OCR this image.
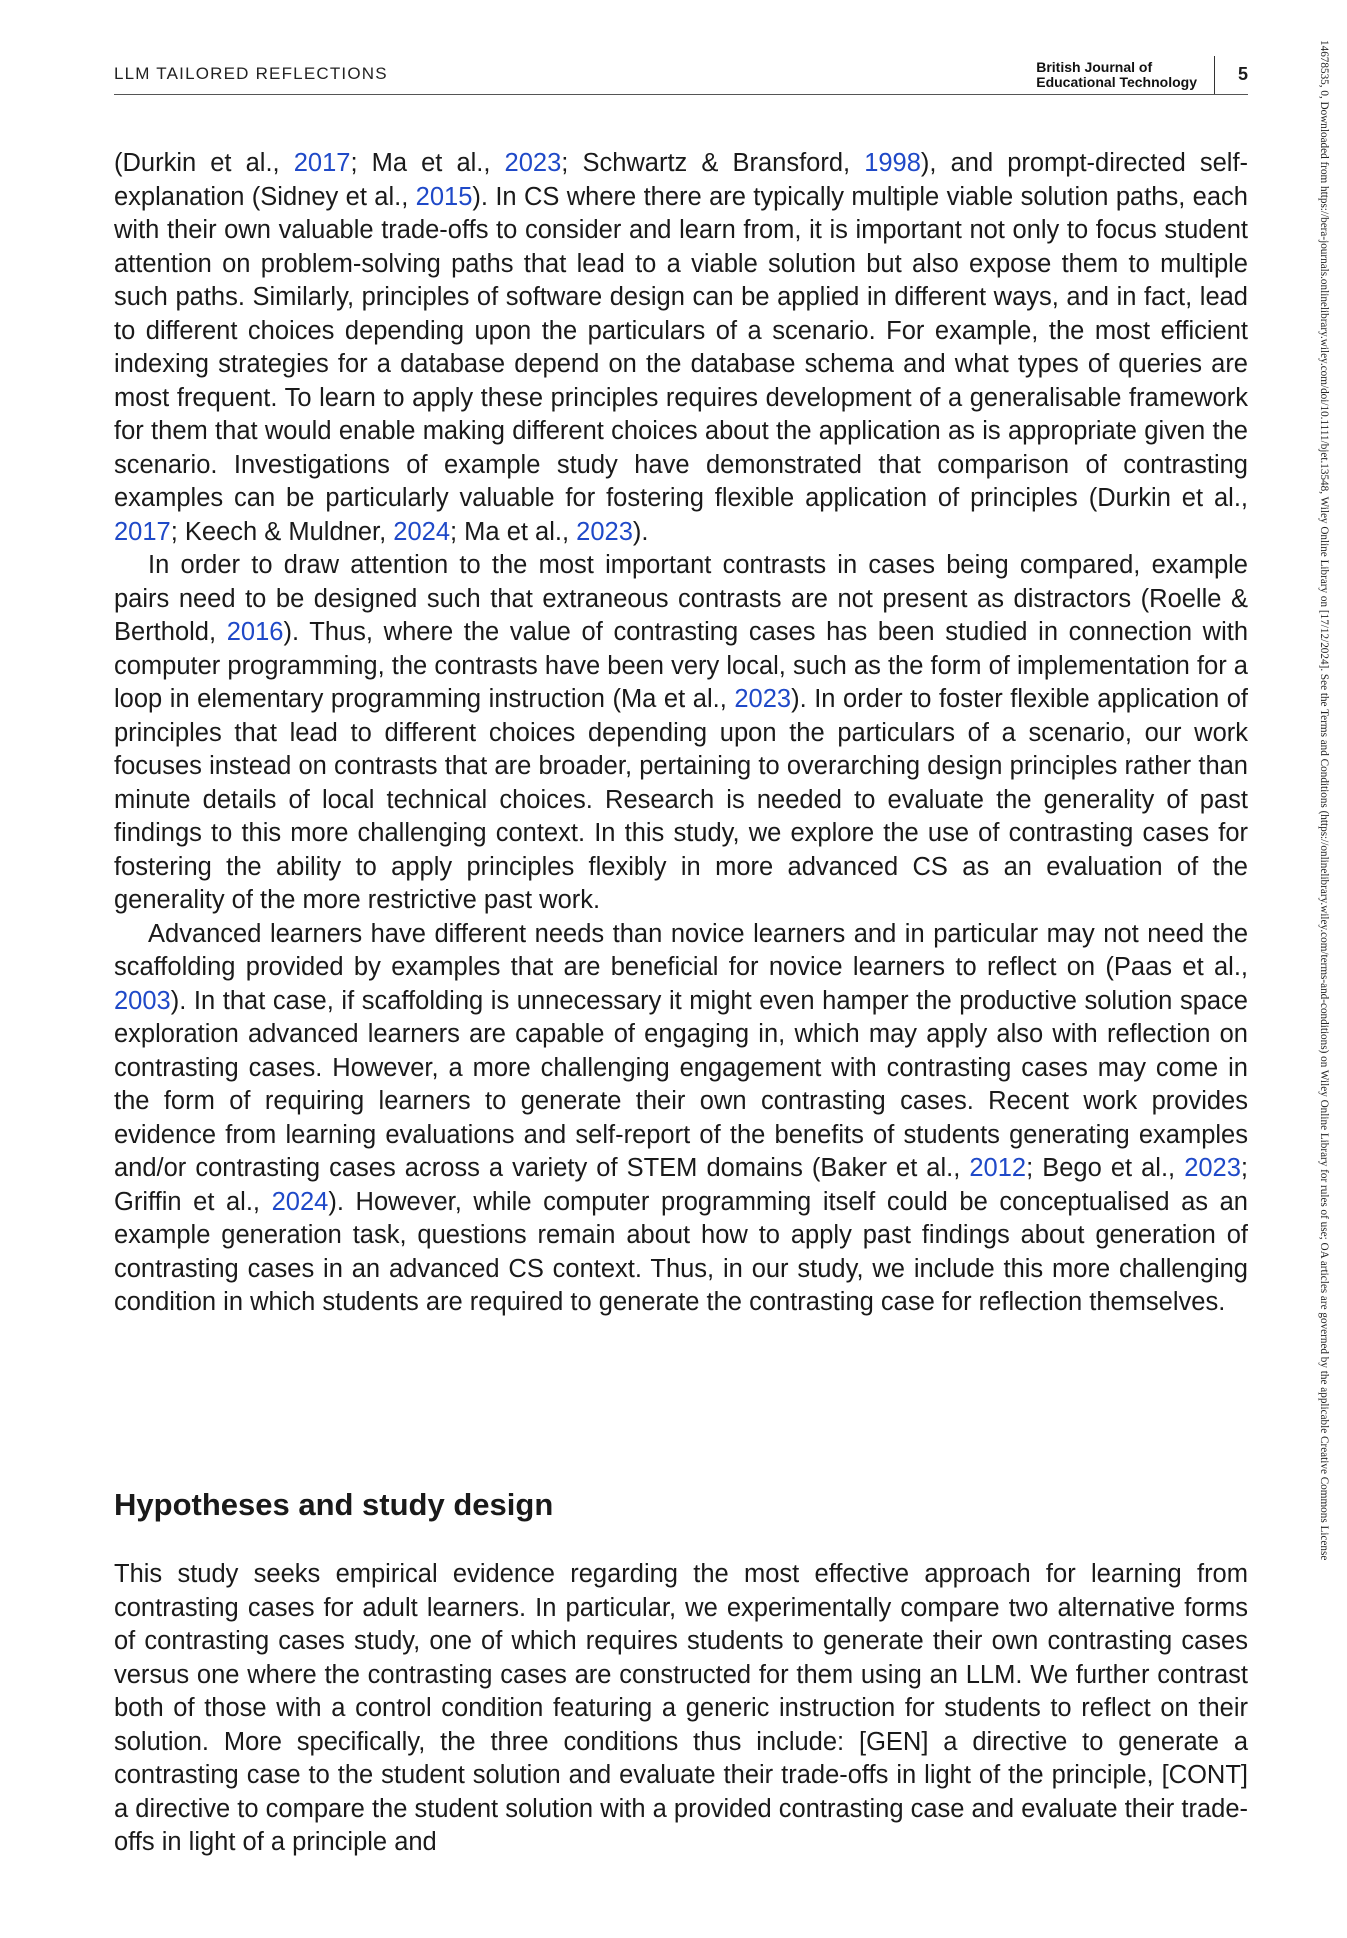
LLM TAILORED REFLECTIONS	British Journal of
Educational Technology 5	14678535, 0, Downloaded from https://bera-journals.onlinelibrary.wiley.com/doi/10.1111/bjet.13548, Wiley Online Library on [17/12/2024]. See the Terms and Conditions (https://onlinelibrary.wiley.com/terms-and-conditions) on Wiley Online Library for rules of use; OA articles are governed by the applicable Creative Commons License

(Durkin et al., 2017; Ma et al., 2023; Schwartz & Bransford, 1998), and prompt-directed self-explanation (Sidney et al., 2015). In CS where there are typically multiple viable solution paths, each with their own valuable trade-offs to consider and learn from, it is important not only to focus student attention on problem-solving paths that lead to a viable solution but also expose them to multiple such paths. Similarly, principles of software design can be applied in different ways, and in fact, lead to different choices depending upon the particulars of a scenario. For example, the most efficient indexing strategies for a database depend on the database schema and what types of queries are most frequent. To learn to apply these principles requires development of a generalisable framework for them that would enable making different choices about the application as is appropriate given the scenario. Investigations of example study have demonstrated that comparison of contrasting examples can be particularly valuable for fostering flexible application of principles (Durkin et al., 2017; Keech & Muldner, 2024; Ma et al., 2023).

In order to draw attention to the most important contrasts in cases being compared, example pairs need to be designed such that extraneous contrasts are not present as distractors (Roelle & Berthold, 2016). Thus, where the value of contrasting cases has been studied in connection with computer programming, the contrasts have been very local, such as the form of implementation for a loop in elementary programming instruction (Ma et al., 2023). In order to foster flexible application of principles that lead to different choices depending upon the particulars of a scenario, our work focuses instead on contrasts that are broader, pertaining to overarching design principles rather than minute details of local technical choices. Research is needed to evaluate the generality of past findings to this more challenging context. In this study, we explore the use of contrasting cases for fostering the ability to apply principles flexibly in more advanced CS as an evaluation of the generality of the more restrictive past work.

Advanced learners have different needs than novice learners and in particular may not need the scaffolding provided by examples that are beneficial for novice learners to reflect on (Paas et al., 2003). In that case, if scaffolding is unnecessary it might even hamper the productive solution space exploration advanced learners are capable of engaging in, which may apply also with reflection on contrasting cases. However, a more challenging engagement with contrasting cases may come in the form of requiring learners to generate their own contrasting cases. Recent work provides evidence from learning evaluations and self-report of the benefits of students generating examples and/or contrasting cases across a variety of STEM domains (Baker et al., 2012; Bego et al., 2023; Griffin et al., 2024). However, while computer programming itself could be conceptualised as an example generation task, questions remain about how to apply past findings about generation of contrasting cases in an advanced CS context. Thus, in our study, we include this more challenging condition in which students are required to generate the contrasting case for reflection themselves.

Hypotheses and study design

This study seeks empirical evidence regarding the most effective approach for learning from contrasting cases for adult learners. In particular, we experimentally compare two alternative forms of contrasting cases study, one of which requires students to generate their own contrasting cases versus one where the contrasting cases are constructed for them using an LLM. We further contrast both of those with a control condition featuring a generic instruction for students to reflect on their solution. More specifically, the three conditions thus include: [GEN] a directive to generate a contrasting case to the student solution and evaluate their trade-offs in light of the principle, [CONT] a directive to compare the student solution with a provided contrasting case and evaluate their trade-offs in light of a principle and
